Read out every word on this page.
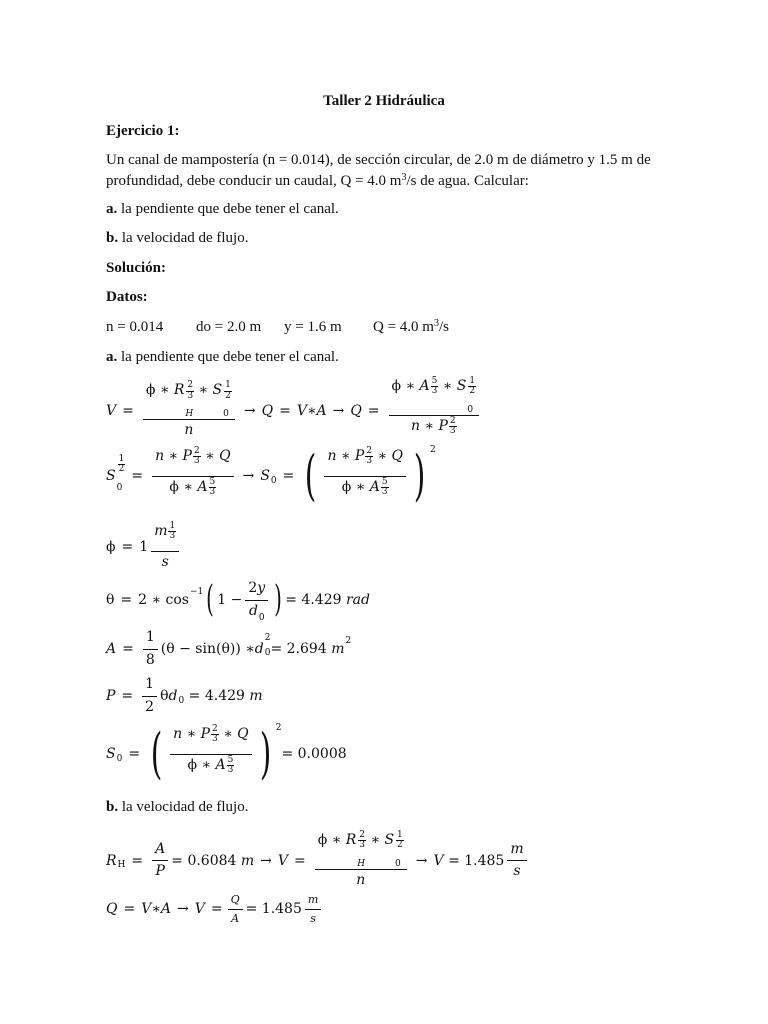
Taller 2 Hidráulica
Ejercicio 1:
Un canal de mampostería (n = 0.014), de sección circular, de 2.0 m de diámetro y 1.5 m de profundidad, debe conducir un caudal, Q = 4.0 $m^3/s$ de agua. Calcular:
a. la pendiente que debe tener el canal.
b. la velocidad de flujo.
Solución:
Datos:
n = 0.014 do = 2.0 m y = 1.6 m Q = 4.0 $m^3/s$
a. la pendiente que debe tener el canal.
V = ϕ ∗ R 2
3
H
∗ S 1
2
0
n → Q = V ∗ A → Q = ϕ ∗ A $\frac{5}{3}$ ∗ S 1
2
0
n ∗ P $\frac{2}{3}$
S
1
2
0
= $\frac{n ∗ P \frac{2}{3} ∗ Q}{\phi ∗ A \frac{5}{3}} \to S$ 0 = ( $\frac{n ∗ P \frac{2}{3} ∗ Q}{\phi ∗ A \frac{5}{3}}$ ) 2
$\phi = 1 \frac{m \frac{1}{3}}{s}$
θ = 2 ∗ cos
−1 ( $1 - \frac{2y}{d_0}$ ) = 4.429
rad
$A = \frac{1}{8} (\theta - \sin(\theta))$ ∗ d
2
0 = 2.694
m
2
$P = \frac{1}{2}$ θ d 0
= 4.429
m
S 0 = ( $\frac{n ∗ P \frac{2}{3} ∗ Q}{\phi ∗ A \frac{5}{3}}$ ) 2
= 0.0008
b. la velocidad de flujo.
R $H = \frac{A}{P} = 0.6084$
m → V = ϕ ∗ R 2
3
H
∗ S 1
2
0
n → V
= $1.485 \frac{m}{s}$
Q = V ∗ $A \to V = \frac{Q}{A} = 1.485 \frac{m}{s}$
